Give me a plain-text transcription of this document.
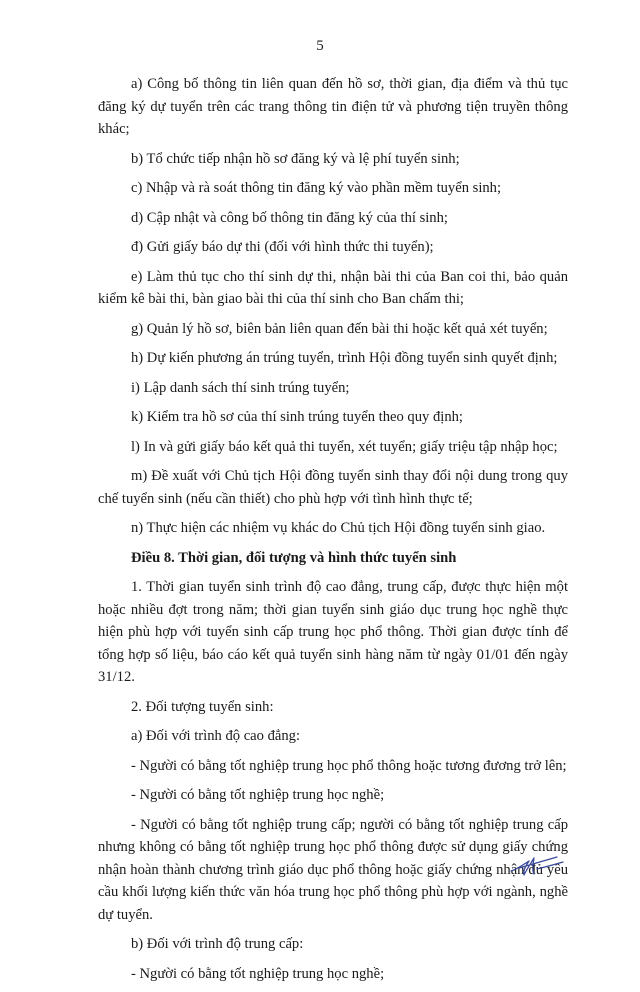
5

a) Công bố thông tin liên quan đến hồ sơ, thời gian, địa điểm và thủ tục đăng ký dự tuyển trên các trang thông tin điện tử và phương tiện truyền thông khác;

b) Tổ chức tiếp nhận hồ sơ đăng ký và lệ phí tuyển sinh;

c) Nhập và rà soát thông tin đăng ký vào phần mềm tuyển sinh;

d) Cập nhật và công bố thông tin đăng ký của thí sinh;

đ) Gửi giấy báo dự thi (đối với hình thức thi tuyển);

e) Làm thủ tục cho thí sinh dự thi, nhận bài thi của Ban coi thi, bảo quản kiểm kê bài thi, bàn giao bài thi của thí sinh cho Ban chấm thi;

g) Quản lý hồ sơ, biên bản liên quan đến bài thi hoặc kết quả xét tuyển;

h) Dự kiến phương án trúng tuyển, trình Hội đồng tuyển sinh quyết định;

i) Lập danh sách thí sinh trúng tuyển;

k) Kiểm tra hồ sơ của thí sinh trúng tuyển theo quy định;

l) In và gửi giấy báo kết quả thi tuyển, xét tuyển; giấy triệu tập nhập học;

m) Đề xuất với Chủ tịch Hội đồng tuyển sinh thay đổi nội dung trong quy chế tuyển sinh (nếu cần thiết) cho phù hợp với tình hình thực tế;

n) Thực hiện các nhiệm vụ khác do Chủ tịch Hội đồng tuyển sinh giao.

Điều 8. Thời gian, đối tượng và hình thức tuyển sinh

1. Thời gian tuyển sinh trình độ cao đẳng, trung cấp, được thực hiện một hoặc nhiều đợt trong năm; thời gian tuyển sinh giáo dục trung học nghề thực hiện phù hợp với tuyển sinh cấp trung học phổ thông. Thời gian được tính để tổng hợp số liệu, báo cáo kết quả tuyển sinh hàng năm từ ngày 01/01 đến ngày 31/12.

2. Đối tượng tuyển sinh:

a) Đối với trình độ cao đẳng:

- Người có bằng tốt nghiệp trung học phổ thông hoặc tương đương trở lên;

- Người có bằng tốt nghiệp trung học nghề;

- Người có bằng tốt nghiệp trung cấp; người có bằng tốt nghiệp trung cấp nhưng không có bằng tốt nghiệp trung học phổ thông được sử dụng giấy chứng nhận hoàn thành chương trình giáo dục phổ thông hoặc giấy chứng nhận đủ yêu cầu khối lượng kiến thức văn hóa trung học phổ thông phù hợp với ngành, nghề dự tuyển.

b) Đối với trình độ trung cấp:

- Người có bằng tốt nghiệp trung học nghề;
